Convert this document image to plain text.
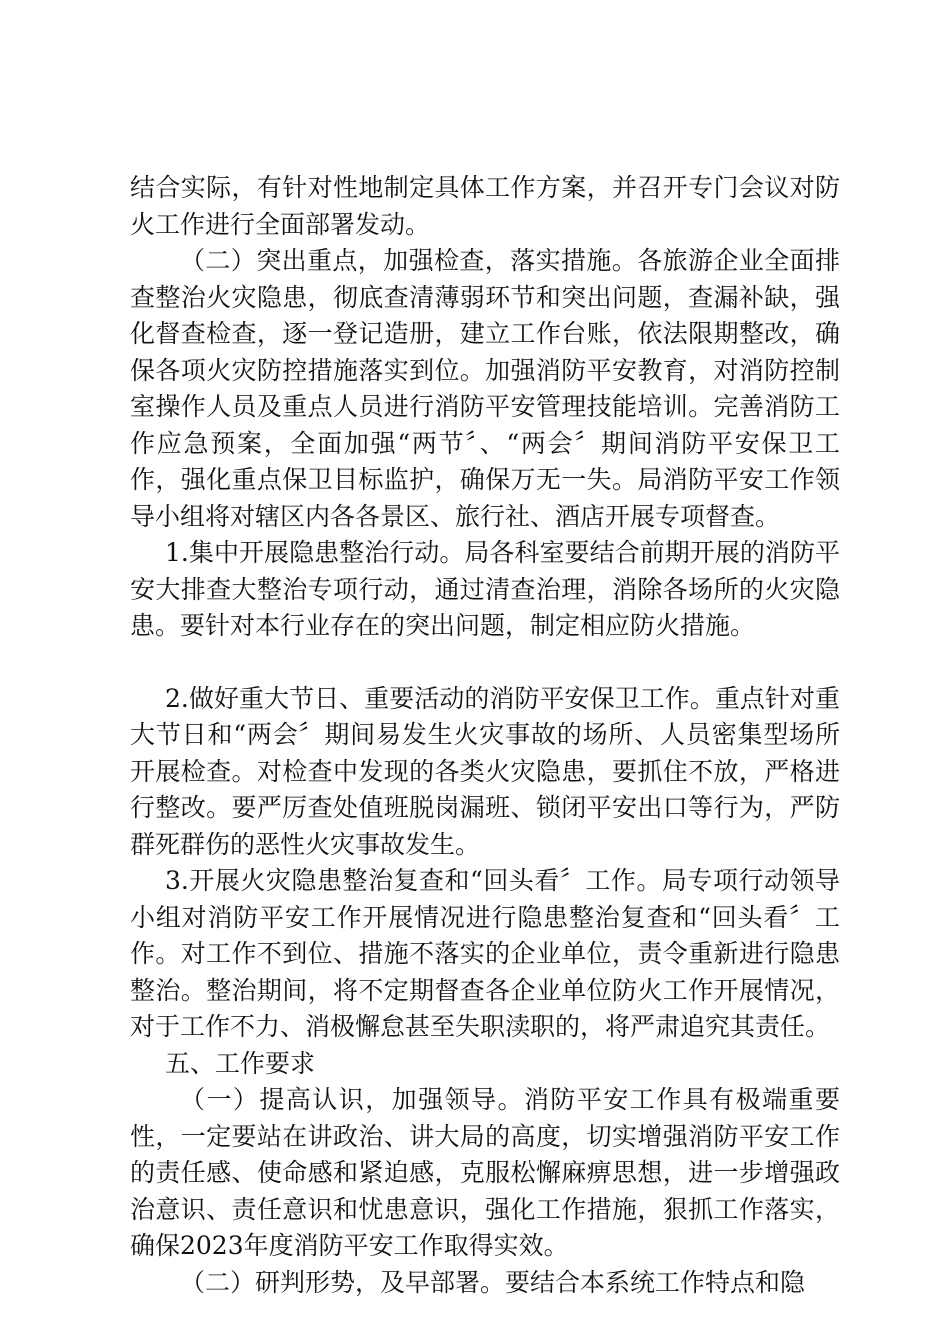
结合实际，有针对性地制定具体工作方案，并召开专门会议对防火工作进行全面部署发动。

（二）突出重点，加强检查，落实措施。各旅游企业全面排查整治火灾隐患，彻底查清薄弱环节和突出问题，查漏补缺，强化督查检查，逐一登记造册，建立工作台账，依法限期整改，确保各项火灾防控措施落实到位。加强消防平安教育，对消防控制室操作人员及重点人员进行消防平安管理技能培训。完善消防工作应急预案，全面加强“两节〞、“两会〞期间消防平安保卫工作，强化重点保卫目标监护，确保万无一失。局消防平安工作领导小组将对辖区内各各景区、旅行社、酒店开展专项督查。

1.集中开展隐患整治行动。局各科室要结合前期开展的消防平安大排查大整治专项行动，通过清查治理，消除各场所的火灾隐患。要针对本行业存在的突出问题，制定相应防火措施。

2.做好重大节日、重要活动的消防平安保卫工作。重点针对重大节日和“两会〞期间易发生火灾事故的场所、人员密集型场所开展检查。对检查中发现的各类火灾隐患，要抓住不放，严格进行整改。要严厉查处值班脱岗漏班、锁闭平安出口等行为，严防群死群伤的恶性火灾事故发生。

3.开展火灾隐患整治复查和“回头看〞工作。局专项行动领导小组对消防平安工作开展情况进行隐患整治复查和“回头看〞工作。对工作不到位、措施不落实的企业单位，责令重新进行隐患整治。整治期间，将不定期督查各企业单位防火工作开展情况，对于工作不力、消极懈怠甚至失职渎职的，将严肃追究其责任。

五、工作要求

（一）提高认识，加强领导。消防平安工作具有极端重要性，一定要站在讲政治、讲大局的高度，切实增强消防平安工作的责任感、使命感和紧迫感，克服松懈麻痹思想，进一步增强政治意识、责任意识和忧患意识，强化工作措施，狠抓工作落实，确保2023年度消防平安工作取得实效。

（二）研判形势，及早部署。要结合本系统工作特点和隐
